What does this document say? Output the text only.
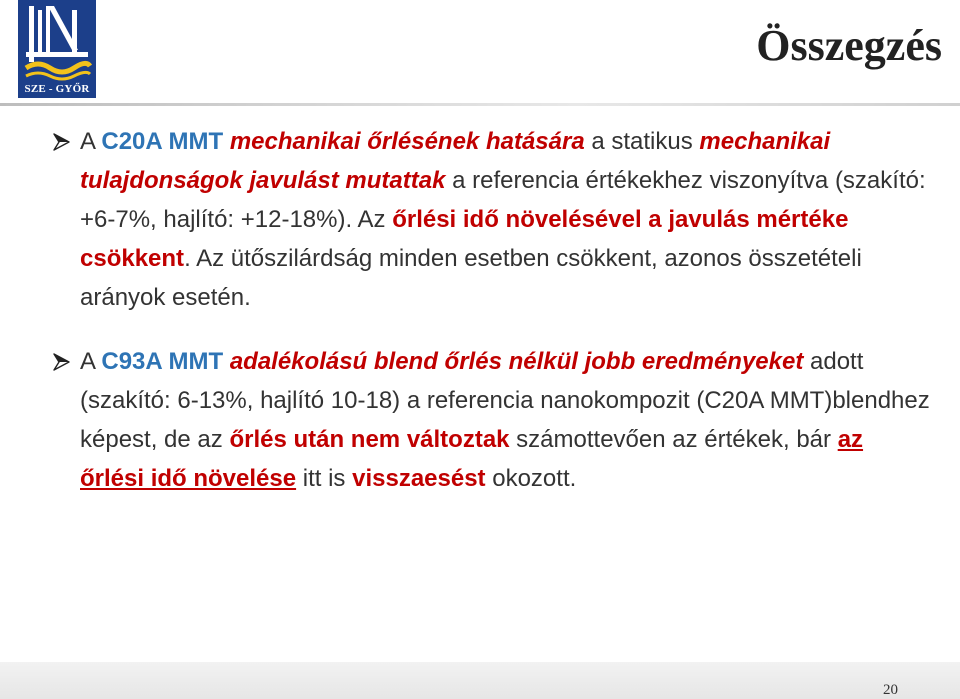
SZE - GYŐR
Összegzés

A C20A MMT mechanikai őrlésének hatására a statikus mechanikai tulajdonságok javulást mutattak a referencia értékekhez viszonyítva (szakító: +6-7%, hajlító: +12-18%). Az őrlési idő növelésével a javulás mértéke csökkent. Az ütőszilárdság minden esetben csökkent, azonos összetételi arányok esetén.

A C93A MMT adalékolású blend őrlés nélkül jobb eredményeket adott (szakító: 6-13%, hajlító 10-18) a referencia nanokompozit (C20A MMT)blendhez képest, de az őrlés után nem változtak számottevően az értékek, bár az őrlési idő növelése itt is visszaesést okozott.

20
